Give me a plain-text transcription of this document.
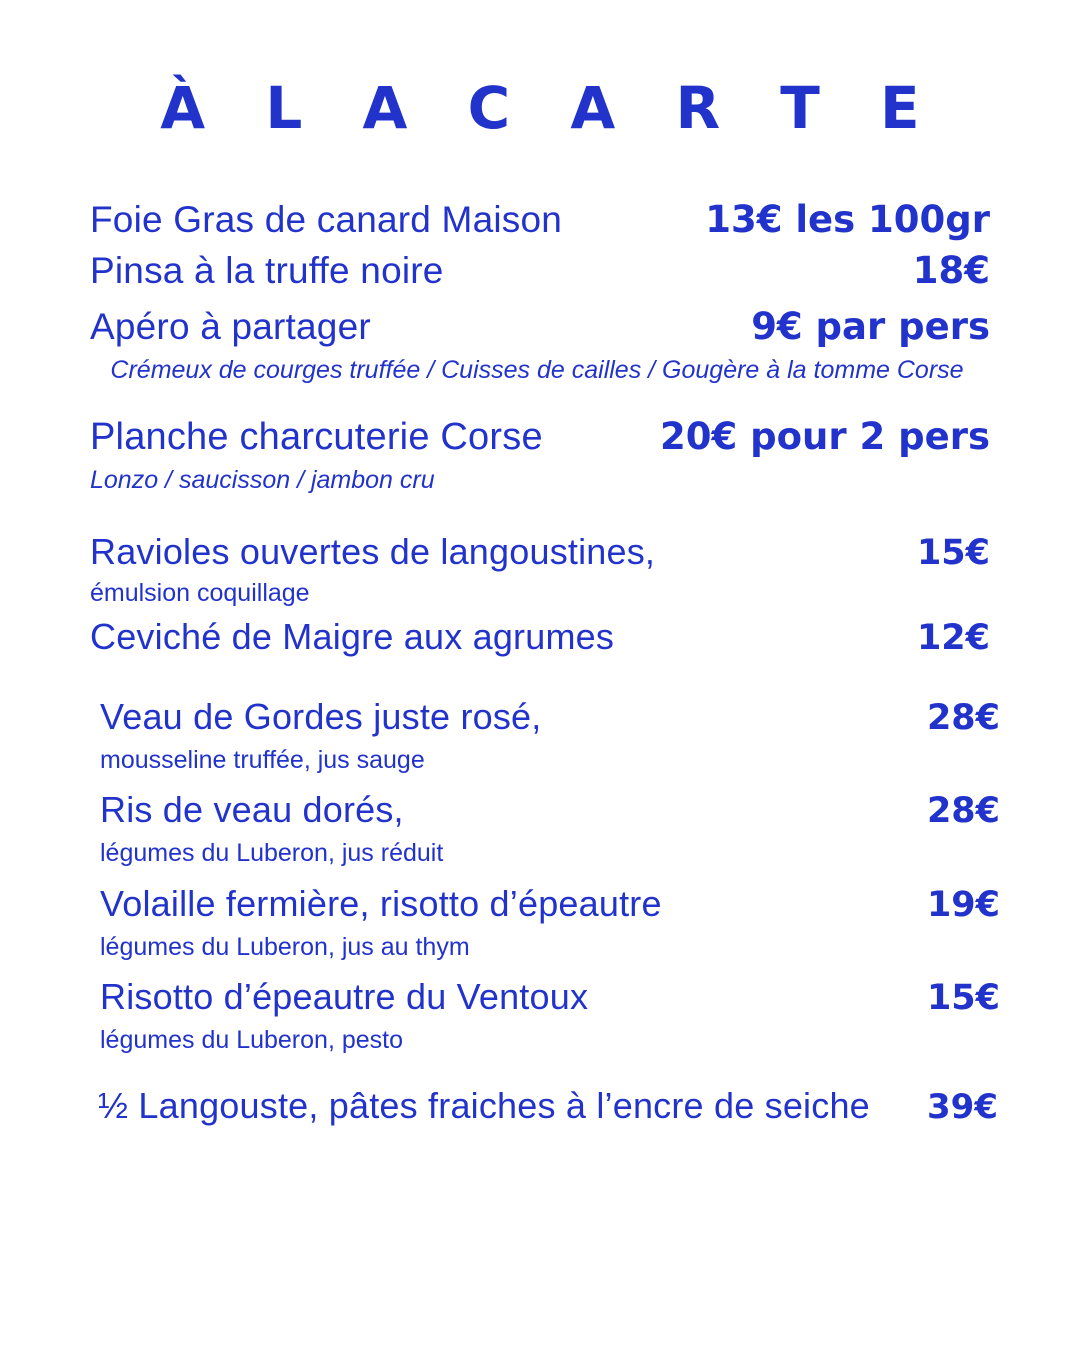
À L A C A R T E
Foie Gras de canard Maison	13€ les 100gr
Pinsa à la truffe noire	18€
Apéro à partager	9€ par pers
Crémeux de courges truffée / Cuisses de cailles / Gougère à la tomme Corse
Planche charcuterie Corse	20€ pour 2 pers
Lonzo / saucisson / jambon cru
Ravioles ouvertes de langoustines,	15€
émulsion coquillage
Ceviché de Maigre aux agrumes	12€
Veau de Gordes juste rosé,	28€
mousseline truffée, jus sauge
Ris de veau dorés,	28€
légumes du Luberon, jus réduit
Volaille fermière, risotto d’épeautre	19€
légumes du Luberon, jus au thym
Risotto d’épeautre du Ventoux	15€
légumes du Luberon, pesto
½ Langouste, pâtes fraiches à l’encre de seiche 39€
